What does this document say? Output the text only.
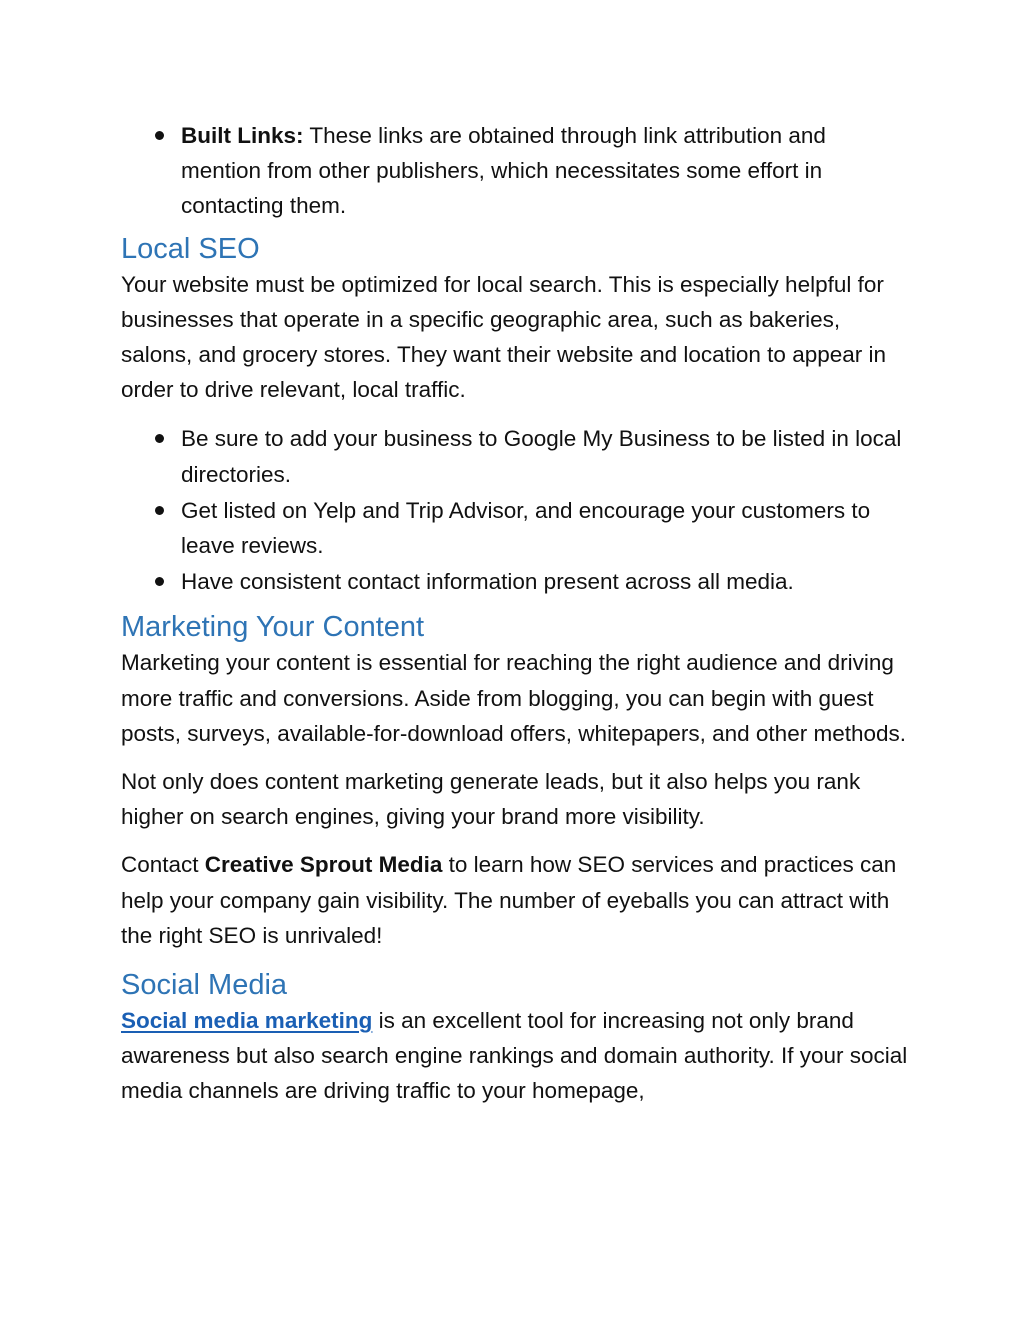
Built Links: These links are obtained through link attribution and mention from other publishers, which necessitates some effort in contacting them.
Local SEO

Your website must be optimized for local search. This is especially helpful for businesses that operate in a specific geographic area, such as bakeries, salons, and grocery stores. They want their website and location to appear in order to drive relevant, local traffic.

Be sure to add your business to Google My Business to be listed in local directories.
Get listed on Yelp and Trip Advisor, and encourage your customers to leave reviews.
Have consistent contact information present across all media.
Marketing Your Content

Marketing your content is essential for reaching the right audience and driving more traffic and conversions. Aside from blogging, you can begin with guest posts, surveys, available-for-download offers, whitepapers, and other methods.

Not only does content marketing generate leads, but it also helps you rank higher on search engines, giving your brand more visibility.

Contact Creative Sprout Media to learn how SEO services and practices can help your company gain visibility. The number of eyeballs you can attract with the right SEO is unrivaled!

Social Media

Social media marketing is an excellent tool for increasing not only brand awareness but also search engine rankings and domain authority. If your social media channels are driving traffic to your homepage,
